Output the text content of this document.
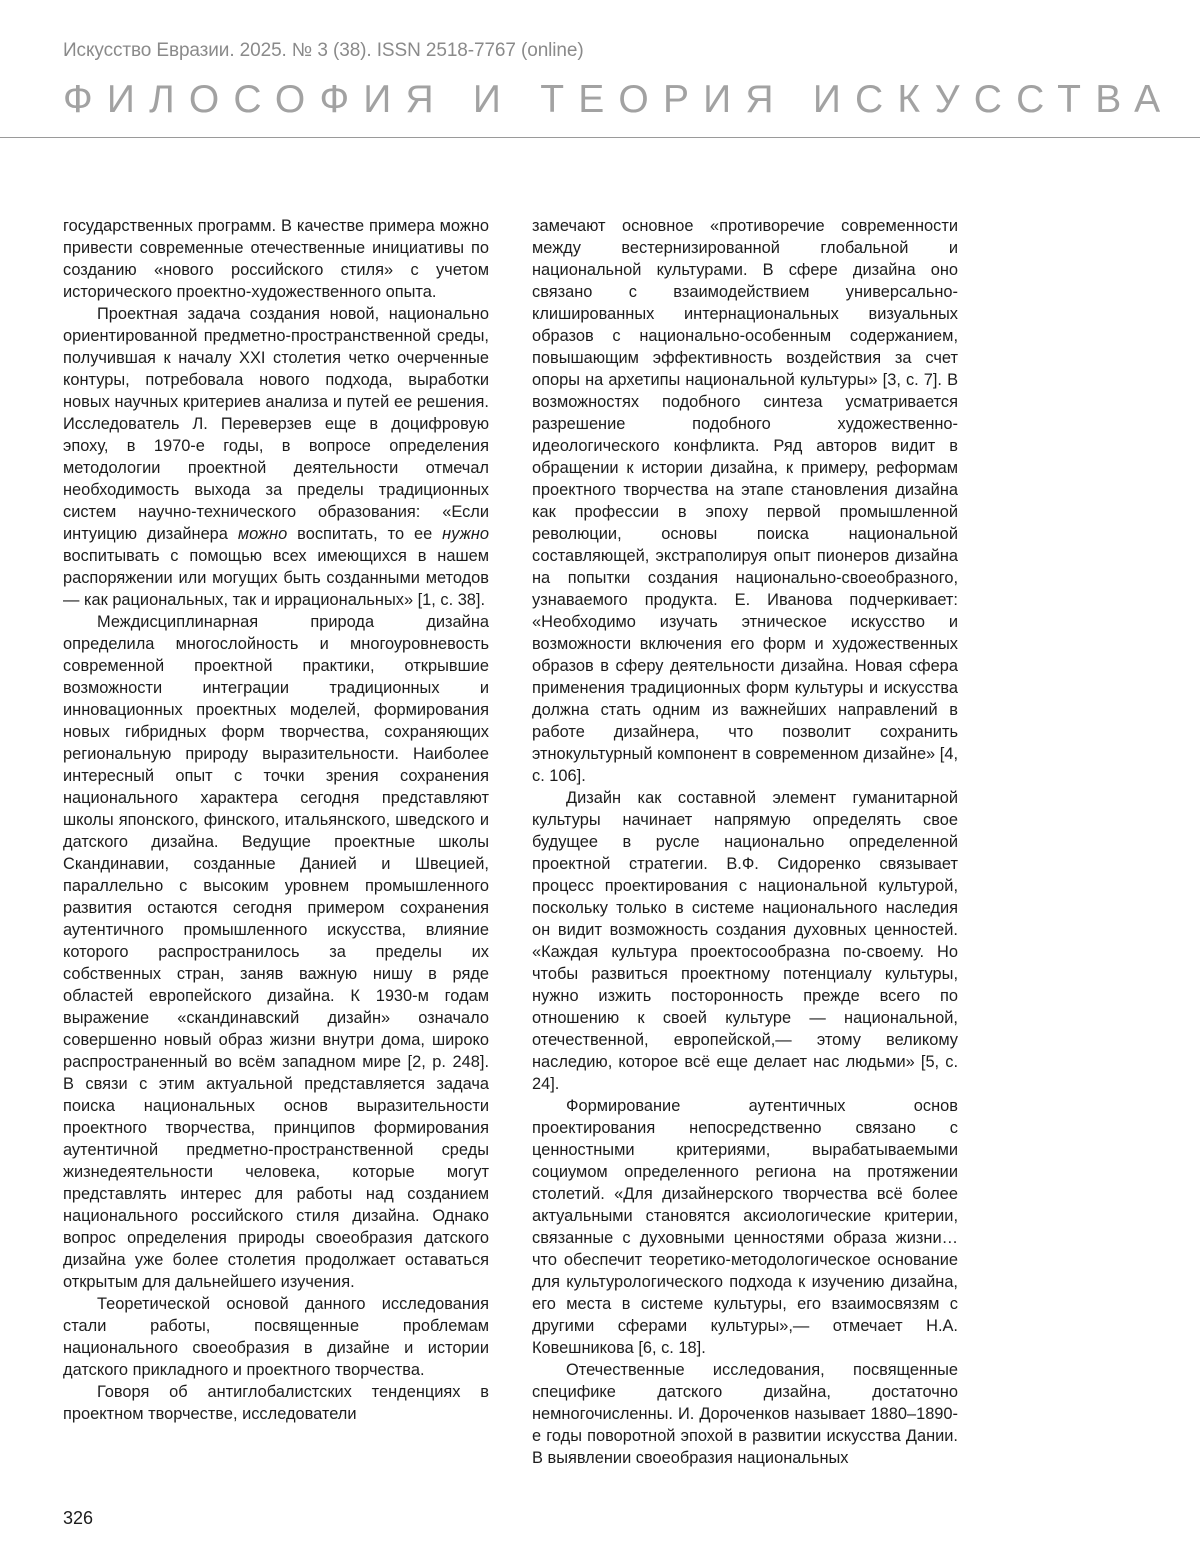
Искусство Евразии. 2025. № 3 (38). ISSN 2518-7767 (online)
ФИЛОСОФИЯ И ТЕОРИЯ ИСКУССТВА

государственных программ. В качестве примера можно привести современные отечественные инициативы по созданию «нового российского стиля» с учетом исторического проектно-художественного опыта.

Проектная задача создания новой, национально ориентированной предметно-пространственной среды, получившая к началу XXI столетия четко очерченные контуры, потребовала нового подхода, выработки новых научных критериев анализа и путей ее решения. Исследователь Л. Переверзев еще в доцифровую эпоху, в 1970-е годы, в вопросе определения методологии проектной деятельности отмечал необходимость выхода за пределы традиционных систем научно-технического образования: «Если интуицию дизайнера можно воспитать, то ее нужно воспитывать с помощью всех имеющихся в нашем распоряжении или могущих быть созданными методов — как рациональных, так и иррациональных» [1, с. 38].

Междисциплинарная природа дизайна определила многослойность и многоуровневость современной проектной практики, открывшие возможности интеграции традиционных и инновационных проектных моделей, формирования новых гибридных форм творчества, сохраняющих региональную природу выразительности. Наиболее интересный опыт с точки зрения сохранения национального характера сегодня представляют школы японского, финского, итальянского, шведского и датского дизайна. Ведущие проектные школы Скандинавии, созданные Данией и Швецией, параллельно с высоким уровнем промышленного развития остаются сегодня примером сохранения аутентичного промышленного искусства, влияние которого распространилось за пределы их собственных стран, заняв важную нишу в ряде областей европейского дизайна. К 1930-м годам выражение «скандинавский дизайн» означало совершенно новый образ жизни внутри дома, широко распространенный во всём западном мире [2, p. 248]. В связи с этим актуальной представляется задача поиска национальных основ выразительности проектного творчества, принципов формирования аутентичной предметно-пространственной среды жизнедеятельности человека, которые могут представлять интерес для работы над созданием национального российского стиля дизайна. Однако вопрос определения природы своеобразия датского дизайна уже более столетия продолжает оставаться открытым для дальнейшего изучения.

Теоретической основой данного исследования стали работы, посвященные проблемам национального своеобразия в дизайне и истории датского прикладного и проектного творчества.

Говоря об антиглобалистских тенденциях в проектном творчестве, исследователи

замечают основное «противоречие современности между вестернизированной глобальной и национальной культурами. В сфере дизайна оно связано с взаимодействием универсально-клишированных интернациональных визуальных образов с национально-особенным содержанием, повышающим эффективность воздействия за счет опоры на архетипы национальной культуры» [3, с. 7]. В возможностях подобного синтеза усматривается разрешение подобного художественно-идеологического конфликта. Ряд авторов видит в обращении к истории дизайна, к примеру, реформам проектного творчества на этапе становления дизайна как профессии в эпоху первой промышленной революции, основы поиска национальной составляющей, экстраполируя опыт пионеров дизайна на попытки создания национально-своеобразного, узнаваемого продукта. Е. Иванова подчеркивает: «Необходимо изучать этническое искусство и возможности включения его форм и художественных образов в сферу деятельности дизайна. Новая сфера применения традиционных форм культуры и искусства должна стать одним из важнейших направлений в работе дизайнера, что позволит сохранить этнокультурный компонент в современном дизайне» [4, с. 106].

Дизайн как составной элемент гуманитарной культуры начинает напрямую определять свое будущее в русле национально определенной проектной стратегии. В.Ф. Сидоренко связывает процесс проектирования с национальной культурой, поскольку только в системе национального наследия он видит возможность создания духовных ценностей. «Каждая культура проектосообразна по-своему. Но чтобы развиться проектному потенциалу культуры, нужно изжить посторонность прежде всего по отношению к своей культуре — национальной, отечественной, европейской,— этому великому наследию, которое всё еще делает нас людьми» [5, с. 24].

Формирование аутентичных основ проектирования непосредственно связано с ценностными критериями, вырабатываемыми социумом определенного региона на протяжении столетий. «Для дизайнерского творчества всё более актуальными становятся аксиологические критерии, связанные с духовными ценностями образа жизни… что обеспечит теоретико-методологическое основание для культурологического подхода к изучению дизайна, его места в системе культуры, его взаимосвязям с другими сферами культуры»,— отмечает Н.А. Ковешникова [6, с. 18].

Отечественные исследования, посвященные специфике датского дизайна, достаточно немногочисленны. И. Дороченков называет 1880–1890-е годы поворотной эпохой в развитии искусства Дании. В выявлении своеобразия национальных

326
